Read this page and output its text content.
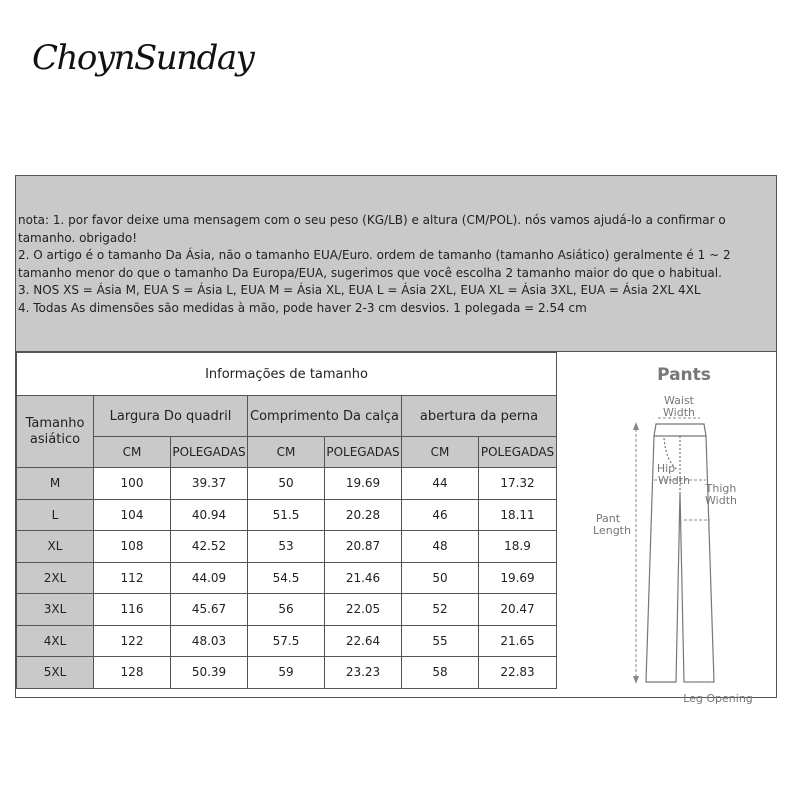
ChoynSunday
nota: 1. por favor deixe uma mensagem com o seu peso (KG/LB) e altura (CM/POL). nós vamos ajudá-lo a confirmar o tamanho. obrigado!
2. O artigo é o tamanho Da Ásia, não o tamanho EUA/Euro. ordem de tamanho (tamanho Asiático) geralmente é 1 ~ 2 tamanho menor do que o tamanho Da Europa/EUA, sugerimos que você escolha 2 tamanho maior do que o habitual.
3. NOS XS = Ásia M, EUA S = Ásia L, EUA M = Ásia XL, EUA L = Ásia 2XL, EUA XL = Ásia 3XL, EUA = Ásia 2XL 4XL
4. Todas As dimensões são medidas à mão, pode haver 2-3 cm desvios. 1 polegada = 2.54 cm
Informações de tamanho						
Tamanho asiático	Largura Do quadril		Comprimento Da calça		abertura da perna	
	CM	POLEGADAS	CM	POLEGADAS	CM	POLEGADAS
M	100	39.37	50	19.69	44	17.32
L	104	40.94	51.5	20.28	46	18.11
XL	108	42.52	53	20.87	48	18.9
2XL	112	44.09	54.5	21.46	50	19.69
3XL	116	45.67	56	22.05	52	20.47
4XL	122	48.03	57.5	22.64	55	21.65
5XL	128	50.39	59	23.23	58	22.83
Pants
Waist
Width
Hip
Width
Thigh
Width
Pant
Length
Leg Opening
